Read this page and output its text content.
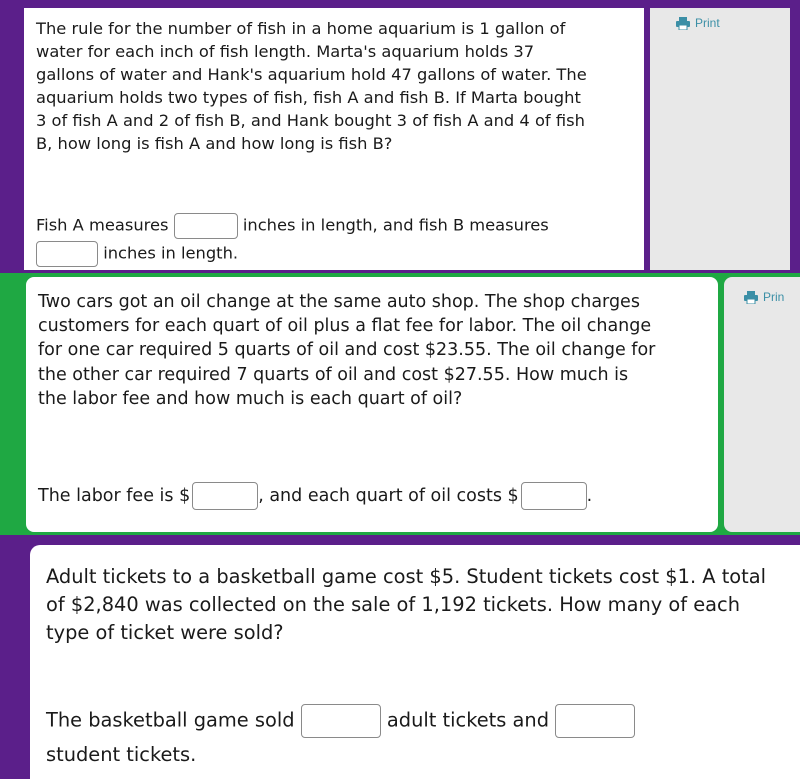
Print

The rule for the number of fish in a home aquarium is 1 gallon of water for each inch of fish length. Marta's aquarium holds 37 gallons of water and Hank's aquarium hold 47 gallons of water. The aquarium holds two types of fish, fish A and fish B. If Marta bought 3 of fish A and 2 of fish B, and Hank bought 3 of fish A and 4 of fish B, how long is fish A and how long is fish B?

Fish A measures	inches in length, and fish B measures
inches in length.
Prin

Two cars got an oil change at the same auto shop. The shop charges customers for each quart of oil plus a flat fee for labor. The oil change for one car required 5 quarts of oil and cost $23.55. The oil change for the other car required 7 quarts of oil and cost $27.55. How much is the labor fee and how much is each quart of oil?

The labor fee is $	, and each quart of oil costs $	.

Adult tickets to a basketball game cost $5. Student tickets cost $1. A total of $2,840 was collected on the sale of 1,192 tickets. How many of each type of ticket were sold?

The basketball game sold	adult tickets and
student tickets.
